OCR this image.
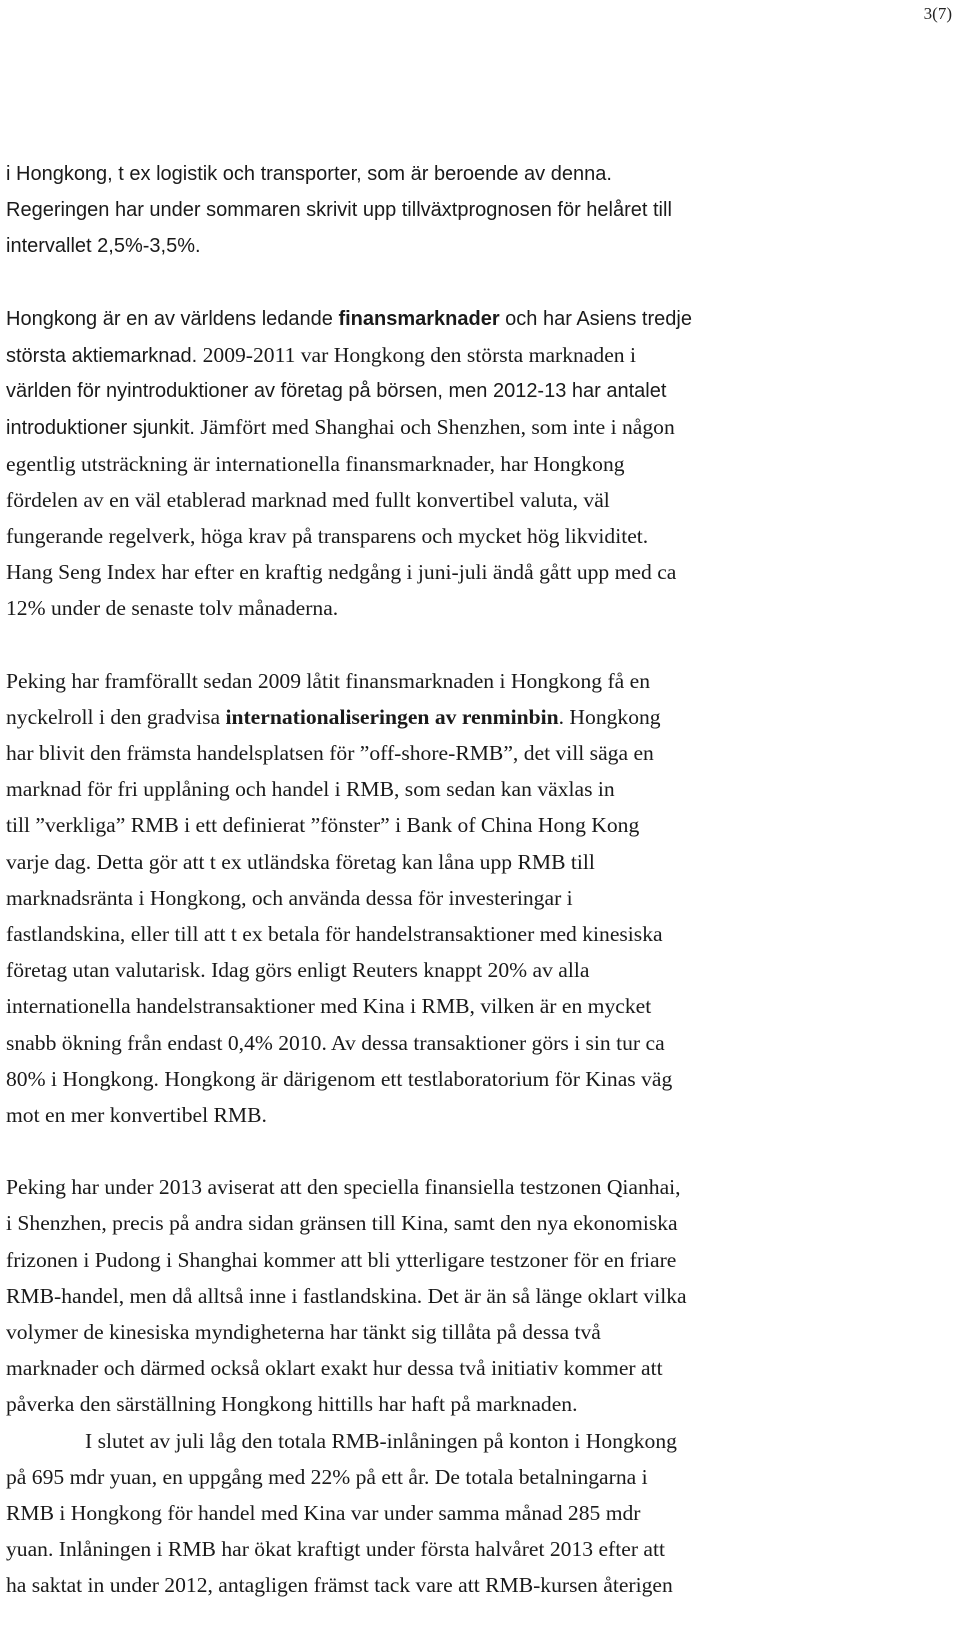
3(7)
i Hongkong, t ex logistik och transporter, som är beroende av denna.
Regeringen har under sommaren skrivit upp tillväxtprognosen för helåret till
intervallet 2,5%-3,5%.
Hongkong är en av världens ledande finansmarknader och har Asiens tredje
största aktiemarknad. 2009-2011 var Hongkong den största marknaden i
världen för nyintroduktioner av företag på börsen, men 2012-13 har antalet
introduktioner sjunkit. Jämfört med Shanghai och Shenzhen, som inte i någon
egentlig utsträckning är internationella finansmarknader, har Hongkong
fördelen av en väl etablerad marknad med fullt konvertibel valuta, väl
fungerande regelverk, höga krav på transparens och mycket hög likviditet.
Hang Seng Index har efter en kraftig nedgång i juni-juli ändå gått upp med ca
12% under de senaste tolv månaderna.
Peking har framförallt sedan 2009 låtit finansmarknaden i Hongkong få en
nyckelroll i den gradvisa internationaliseringen av renminbin. Hongkong
har blivit den främsta handelsplatsen för ”off-shore-RMB”, det vill säga en
marknad för fri upplåning och handel i RMB, som sedan kan växlas in
till ”verkliga” RMB i ett definierat ”fönster” i Bank of China Hong Kong
varje dag. Detta gör att t ex utländska företag kan låna upp RMB till
marknadsränta i Hongkong, och använda dessa för investeringar i
fastlandskina, eller till att t ex betala för handelstransaktioner med kinesiska
företag utan valutarisk. Idag görs enligt Reuters knappt 20% av alla
internationella handelstransaktioner med Kina i RMB, vilken är en mycket
snabb ökning från endast 0,4% 2010. Av dessa transaktioner görs i sin tur ca
80% i Hongkong. Hongkong är därigenom ett testlaboratorium för Kinas väg
mot en mer konvertibel RMB.
Peking har under 2013 aviserat att den speciella finansiella testzonen Qianhai,
i Shenzhen, precis på andra sidan gränsen till Kina, samt den nya ekonomiska
frizonen i Pudong i Shanghai kommer att bli ytterligare testzoner för en friare
RMB-handel, men då alltså inne i fastlandskina. Det är än så länge oklart vilka
volymer de kinesiska myndigheterna har tänkt sig tillåta på dessa två
marknader och därmed också oklart exakt hur dessa två initiativ kommer att
påverka den särställning Hongkong hittills har haft på marknaden.
I slutet av juli låg den totala RMB-inlåningen på konton i Hongkong
på 695 mdr yuan, en uppgång med 22% på ett år. De totala betalningarna i
RMB i Hongkong för handel med Kina var under samma månad 285 mdr
yuan. Inlåningen i RMB har ökat kraftigt under första halvåret 2013 efter att
ha saktat in under 2012, antagligen främst tack vare att RMB-kursen återigen
